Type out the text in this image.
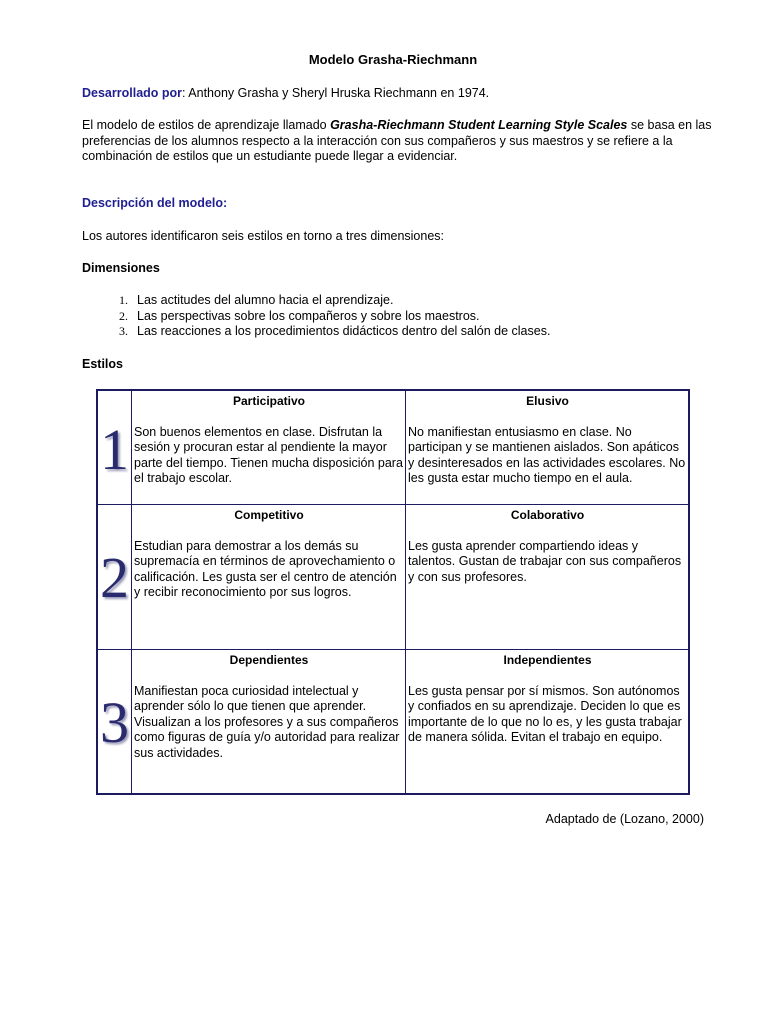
Modelo Grasha-Riechmann
Desarrollado por: Anthony Grasha y Sheryl Hruska Riechmann en 1974.
El modelo de estilos de aprendizaje llamado Grasha-Riechmann Student Learning Style Scales se basa en las preferencias de los alumnos respecto a la interacción con sus compañeros y sus maestros y se refiere a la combinación de estilos que un estudiante puede llegar a evidenciar.
Descripción del modelo:
Los autores identificaron seis estilos en torno a tres dimensiones:
Dimensiones
1. Las actitudes del alumno hacia el aprendizaje.
2. Las perspectivas sobre los compañeros y sobre los maestros.
3. Las reacciones a los procedimientos didácticos dentro del salón de clases.
Estilos
1
Participativo
Son buenos elementos en clase. Disfrutan la sesión y procuran estar al pendiente la mayor parte del tiempo. Tienen mucha disposición para el trabajo escolar.
Elusivo
No manifiestan entusiasmo en clase. No participan y se mantienen aislados. Son apáticos y desinteresados en las actividades escolares. No les gusta estar mucho tiempo en el aula.
2
Competitivo
Estudian para demostrar a los demás su supremacía en términos de aprovechamiento o calificación. Les gusta ser el centro de atención y recibir reconocimiento por sus logros.
Colaborativo
Les gusta aprender compartiendo ideas y talentos. Gustan de trabajar con sus compañeros y con sus profesores.
3
Dependientes
Manifiestan poca curiosidad intelectual y aprender sólo lo que tienen que aprender. Visualizan a los profesores y a sus compañeros como figuras de guía y/o autoridad para realizar sus actividades.
Independientes
Les gusta pensar por sí mismos. Son autónomos y confiados en su aprendizaje. Deciden lo que es importante de lo que no lo es, y les gusta trabajar de manera sólida. Evitan el trabajo en equipo.
Adaptado de (Lozano, 2000)
